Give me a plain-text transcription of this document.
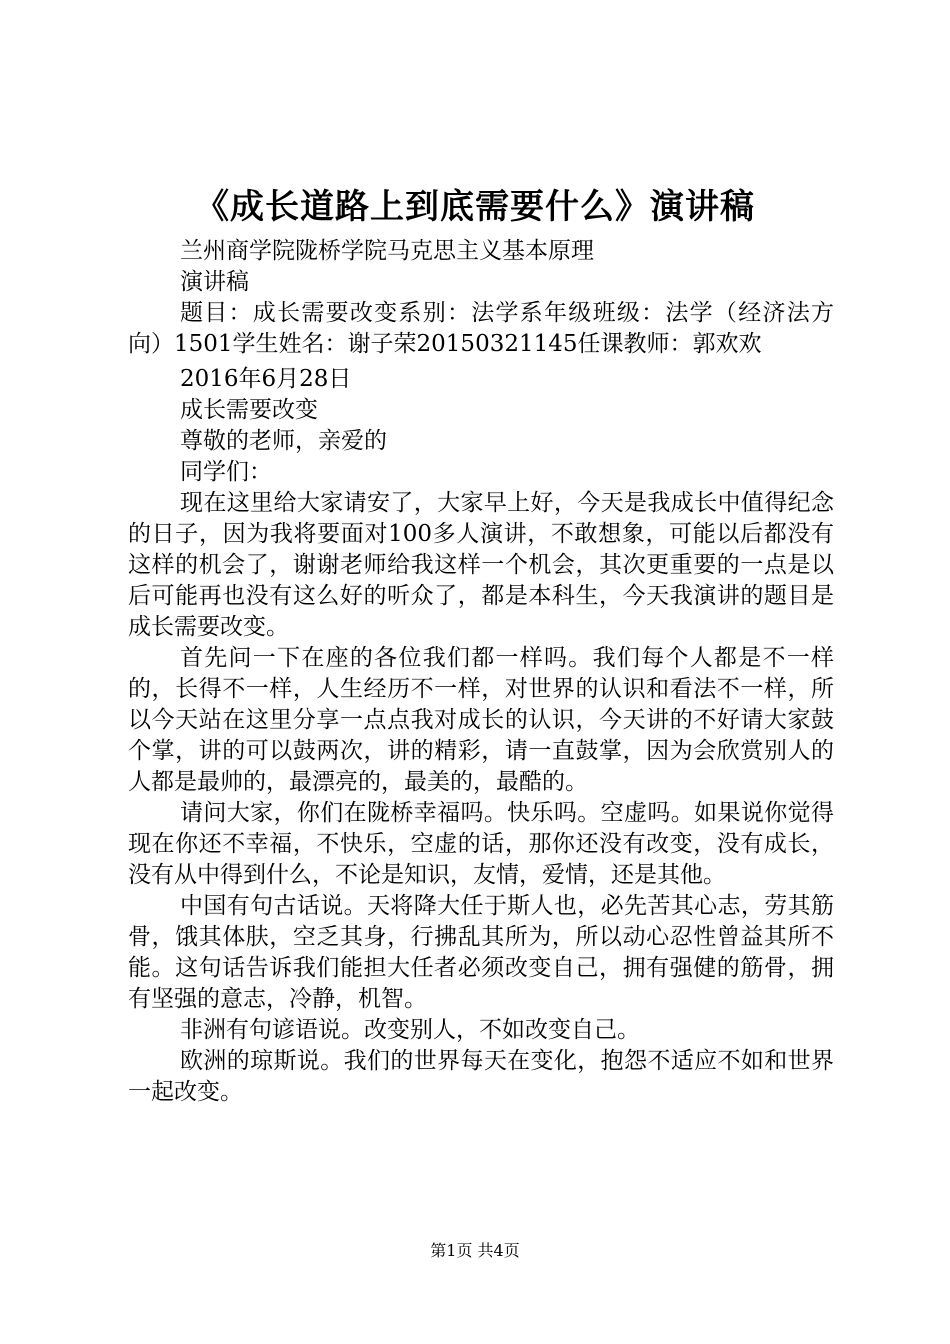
《成长道路上到底需要什么》演讲稿

兰州商学院陇桥学院马克思主义基本原理

演讲稿

题目：成长需要改变系别：法学系年级班级：法学（经济法方向）1501学生姓名：谢子荣20150321145任课教师：郭欢欢

2016年6月28日

成长需要改变

尊敬的老师，亲爱的

同学们：

现在这里给大家请安了，大家早上好，今天是我成长中值得纪念的日子，因为我将要面对100多人演讲，不敢想象，可能以后都没有这样的机会了，谢谢老师给我这样一个机会，其次更重要的一点是以后可能再也没有这么好的听众了，都是本科生，今天我演讲的题目是成长需要改变。

首先问一下在座的各位我们都一样吗。我们每个人都是不一样的，长得不一样，人生经历不一样，对世界的认识和看法不一样，所以今天站在这里分享一点点我对成长的认识，今天讲的不好请大家鼓个掌，讲的可以鼓两次，讲的精彩，请一直鼓掌，因为会欣赏别人的人都是最帅的，最漂亮的，最美的，最酷的。

请问大家，你们在陇桥幸福吗。快乐吗。空虚吗。如果说你觉得现在你还不幸福，不快乐，空虚的话，那你还没有改变，没有成长，没有从中得到什么，不论是知识，友情，爱情，还是其他。

中国有句古话说。天将降大任于斯人也，必先苦其心志，劳其筋骨，饿其体肤，空乏其身，行拂乱其所为，所以动心忍性曾益其所不能。这句话告诉我们能担大任者必须改变自己，拥有强健的筋骨，拥有坚强的意志，冷静，机智。

非洲有句谚语说。改变别人，不如改变自己。

欧洲的琼斯说。我们的世界每天在变化，抱怨不适应不如和世界一起改变。

第1页 共4页
